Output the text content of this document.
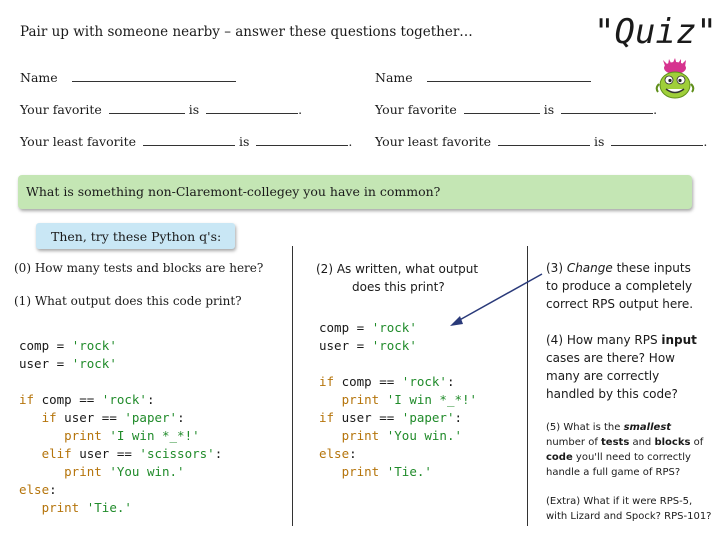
Pair up with someone nearby – answer these questions together…	"Quiz"
Name
Your favorite	is	.
Your least favorite	is	.
Name
Your favorite	is	.
Your least favorite	is	.
What is something non-Claremont-collegey you have in common?
Then, try these Python q's:
(0) How many tests and blocks are here?
(1) What output does this code print?
comp = 'rock'
user = 'rock'

if comp == 'rock':
if user == 'paper':
print 'I win *_*!'
elif user == 'scissors':
print 'You win.'
else:
print 'Tie.'
(2) As written, what output
does this print?
comp = 'rock'
user = 'rock'

if comp == 'rock':
print 'I win *_*!'
if user == 'paper':
print 'You win.'
else:
print 'Tie.'
(3) Change these inputs
to produce a completely
correct RPS output here.
(4) How many RPS input
cases are there? How
many are correctly
handled by this code?
(5) What is the smallest
number of tests and blocks of
code you'll need to correctly
handle a full game of RPS?
(Extra) What if it were RPS-5,
with Lizard and Spock? RPS-101?
